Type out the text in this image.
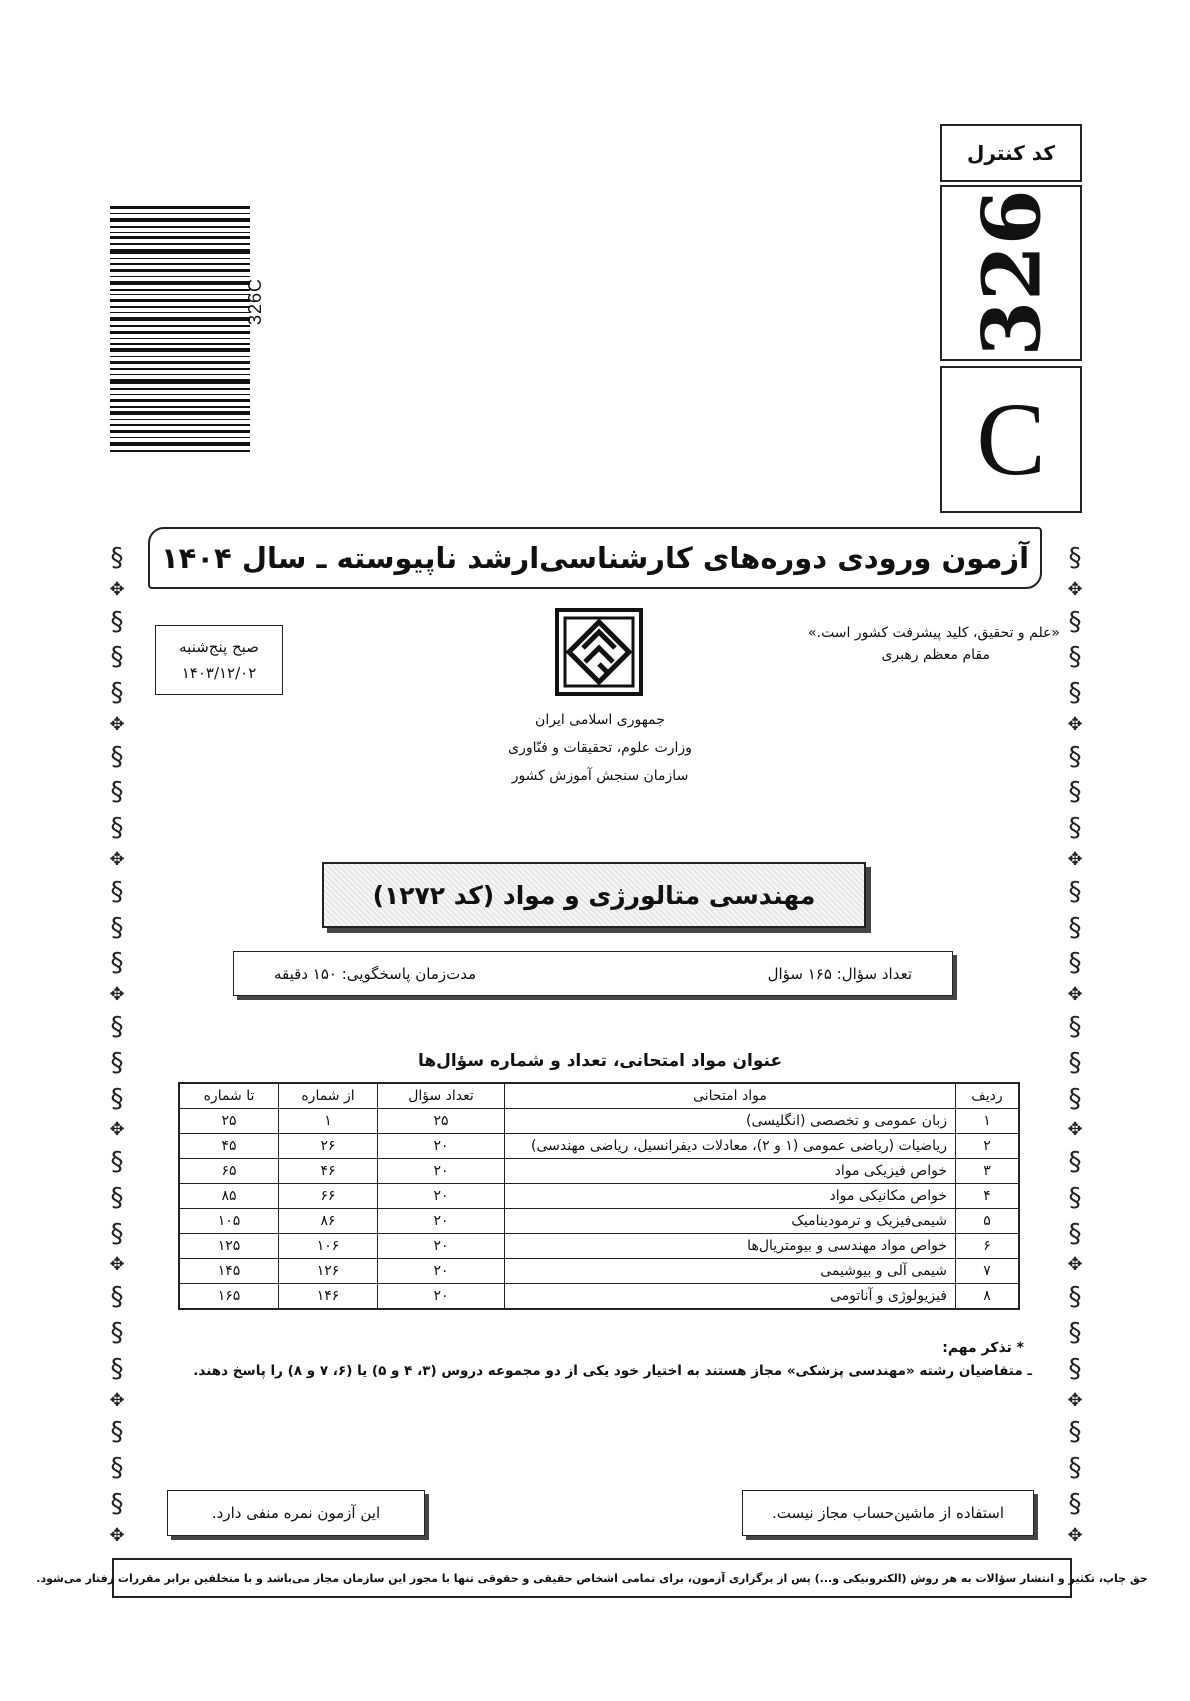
کد کنترل
326
C
326C
§
✥
§
§
§
✥
§
§
§
✥
§
§
§
✥
§
§
§
✥
§
§
§
✥
§
§
§
✥
§
§
§
✥
§
✥
§
§
§
✥
§
§
§
✥
§
§
§
✥
§
§
§
✥
§
§
§
✥
§
§
§
✥
§
§
§
✥
آزمون ورودی دوره‌های کارشناسی‌ارشد ناپیوسته ـ سال ۱۴۰۴
«علم و تحقیق، کلید پیشرفت کشور است.»
مقام معظم رهبری
صبح پنج‌شنبه
۱۴۰۳/۱۲/۰۲
جمهوری اسلامی ایران
وزارت علوم، تحقیقات و فنّاوری
سازمان سنجش آموزش کشور
مهندسی متالورژی و مواد (کد ۱۲۷۲)
تعداد سؤال: ۱۶۵ سؤال
مدت‌زمان پاسخگویی: ۱۵۰ دقیقه
عنوان مواد امتحانی، تعداد و شماره سؤال‌ها
ردیف	مواد امتحانی	تعداد سؤال	از شماره	تا شماره
۱	زبان عمومی و تخصصی (انگلیسی)	۲۵	۱	۲۵
۲	ریاضیات (ریاضی عمومی (۱ و ۲)، معادلات دیفرانسیل، ریاضی مهندسی)	۲۰	۲۶	۴۵
۳	خواص فیزیکی مواد	۲۰	۴۶	۶۵
۴	خواص مکانیکی مواد	۲۰	۶۶	۸۵
۵	شیمی‌فیزیک و ترمودینامیک	۲۰	۸۶	۱۰۵
۶	خواص مواد مهندسی و بیومتریال‌ها	۲۰	۱۰۶	۱۲۵
۷	شیمی آلی و بیوشیمی	۲۰	۱۲۶	۱۴۵
۸	فیزیولوژی و آناتومی	۲۰	۱۴۶	۱۶۵
* تذکر مهم:
ـ متقاضیان رشته «مهندسی پزشکی» مجاز هستند به اختیار خود یکی از دو مجموعه دروس (۳، ۴ و ۵) یا (۶، ۷ و ۸) را پاسخ دهند.
استفاده از ماشین‌حساب مجاز نیست.
این آزمون نمره منفی دارد.
حق چاپ، تکثیر و انتشار سؤالات به هر روش (الکترونیکی و...) پس از برگزاری آزمون، برای تمامی اشخاص حقیقی و حقوقی تنها با مجوز این سازمان مجاز می‌باشد و با متخلفین برابر مقررات رفتار می‌شود.
